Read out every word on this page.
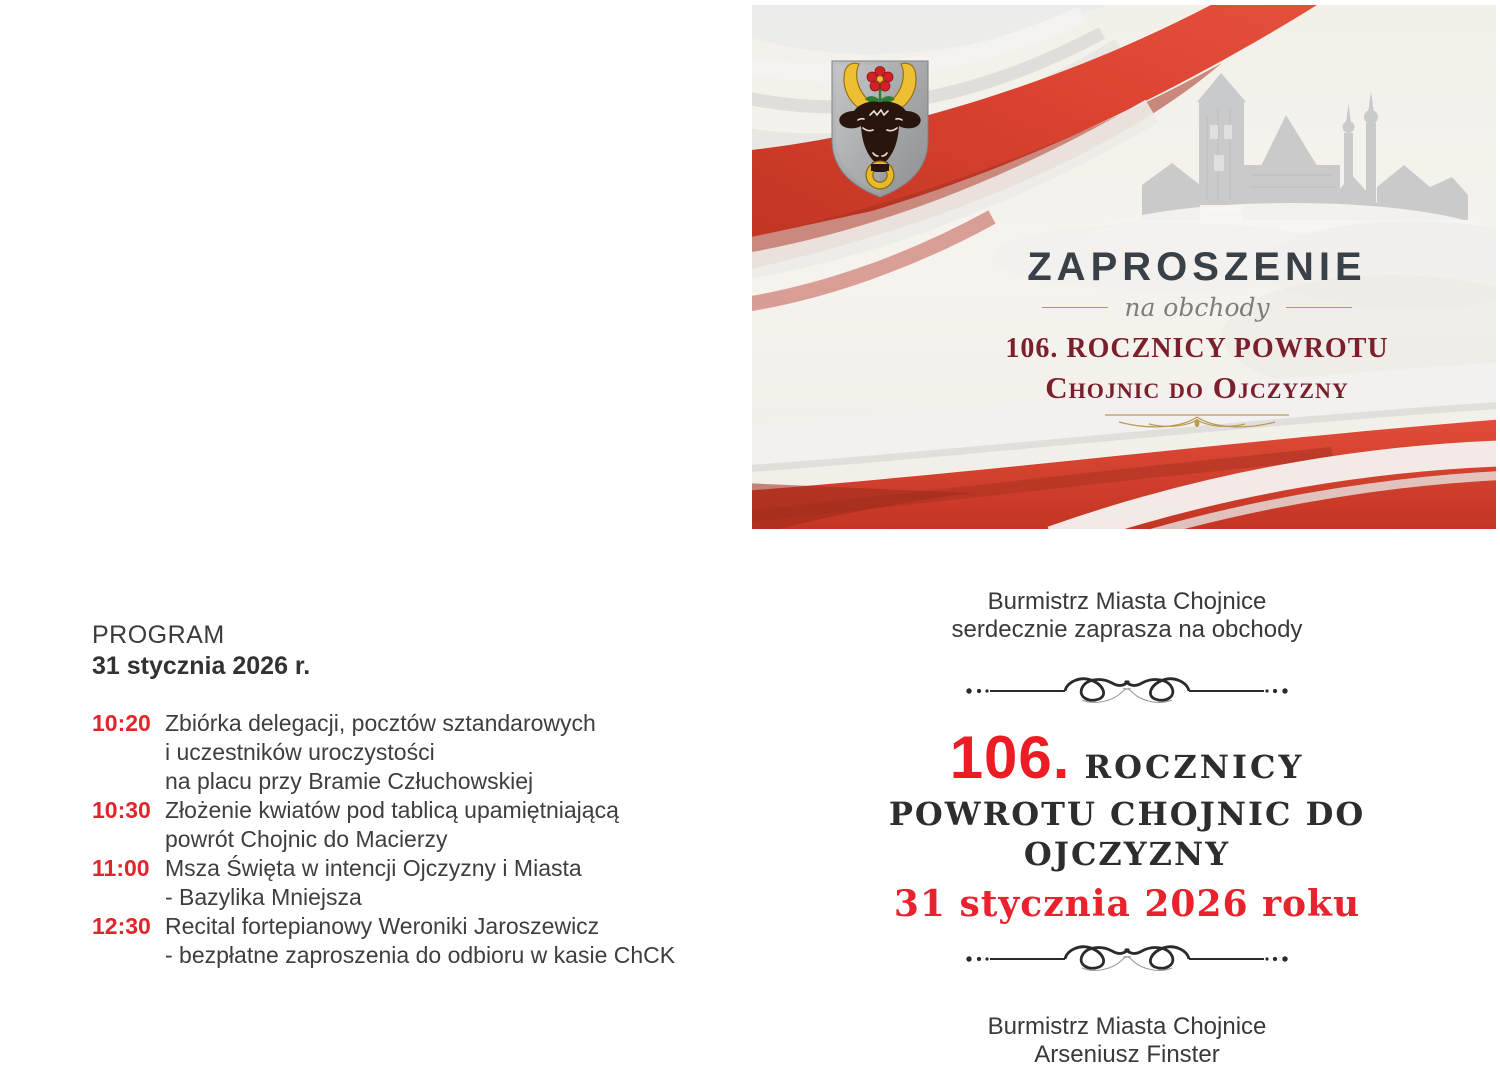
ZAPROSZENIE
na obchody
106. ROCZNICY POWROTU
Chojnic do Ojczyzny
PROGRAM
31 stycznia 2026 r.
10:20 Zbiórka delegacji, pocztów sztandarowych
i uczestników uroczystości
na placu przy Bramie Człuchowskiej
10:30 Złożenie kwiatów pod tablicą upamiętniającą
powrót Chojnic do Macierzy
11:00 Msza Święta w intencji Ojczyzny i Miasta
- Bazylika Mniejsza
12:30 Recital fortepianowy Weroniki Jaroszewicz
- bezpłatne zaproszenia do odbioru w kasie ChCK
Burmistrz Miasta Chojnice
serdecznie zaprasza na obchody
106. ROCZNICY
POWROTU CHOJNIC DO OJCZYZNY
31 stycznia 2026 roku
Burmistrz Miasta Chojnice
Arseniusz Finster
